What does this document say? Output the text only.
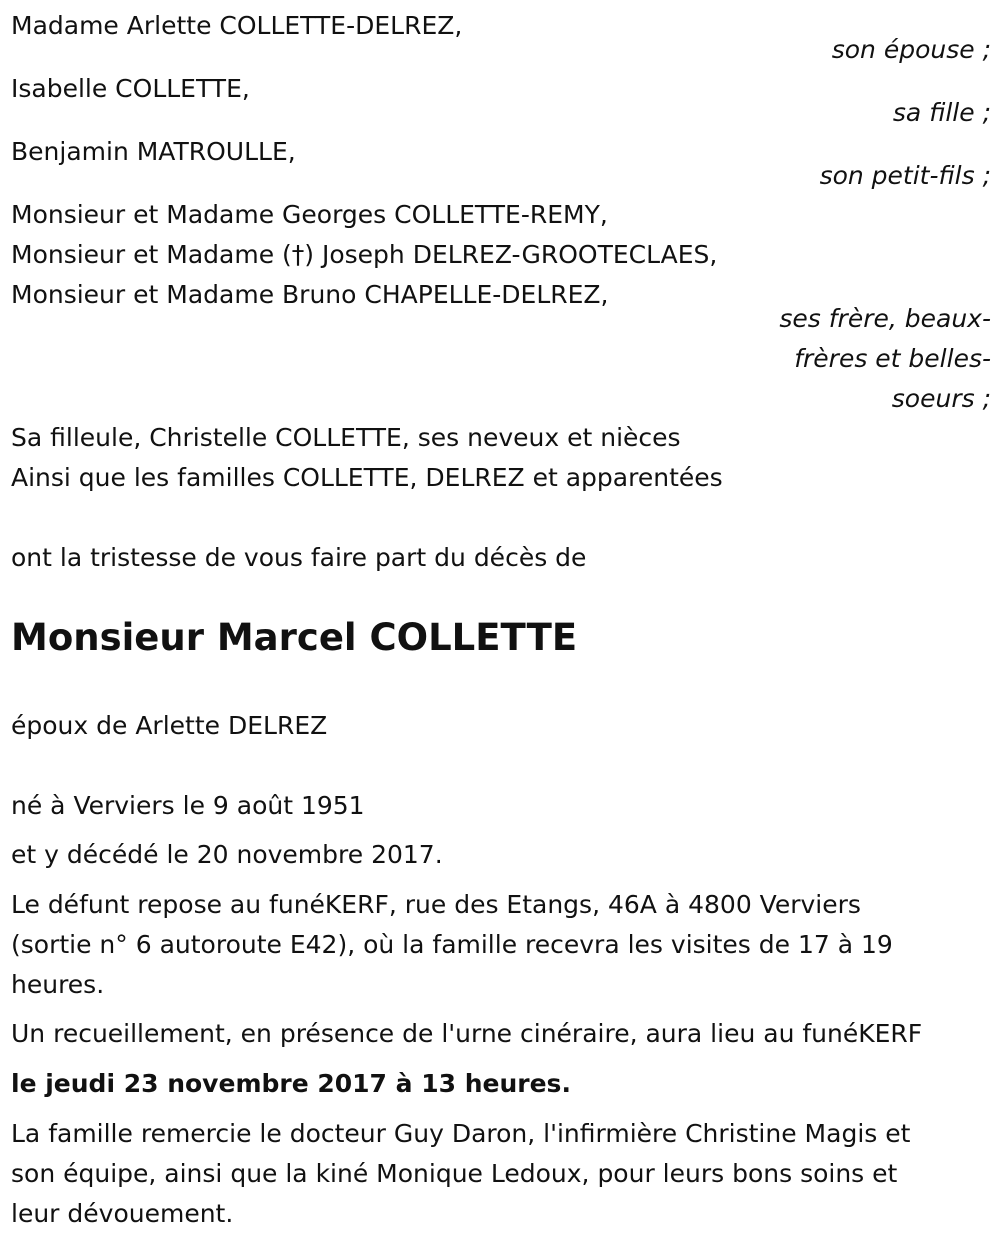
Madame Arlette COLLETTE-DELREZ,
son épouse ;
Isabelle COLLETTE,
sa fille ;
Benjamin MATROULLE,
son petit-fils ;
Monsieur et Madame Georges COLLETTE-REMY,
Monsieur et Madame (†) Joseph DELREZ-GROOTECLAES,
Monsieur et Madame Bruno CHAPELLE-DELREZ,
ses frère, beaux-
frères et belles-
soeurs ;
Sa filleule, Christelle COLLETTE, ses neveux et nièces
Ainsi que les familles COLLETTE, DELREZ et apparentées
ont la tristesse de vous faire part du décès de
Monsieur Marcel COLLETTE
époux de Arlette DELREZ
né à Verviers le 9 août 1951
et y décédé le 20 novembre 2017.
Le défunt repose au funéKERF, rue des Etangs, 46A à 4800 Verviers
(sortie n° 6 autoroute E42), où la famille recevra les visites de 17 à 19
heures.
Un recueillement, en présence de l'urne cinéraire, aura lieu au funéKERF
le jeudi 23 novembre 2017 à 13 heures.
La famille remercie le docteur Guy Daron, l'infirmière Christine Magis et
son équipe, ainsi que la kiné Monique Ledoux, pour leurs bons soins et
leur dévouement.
